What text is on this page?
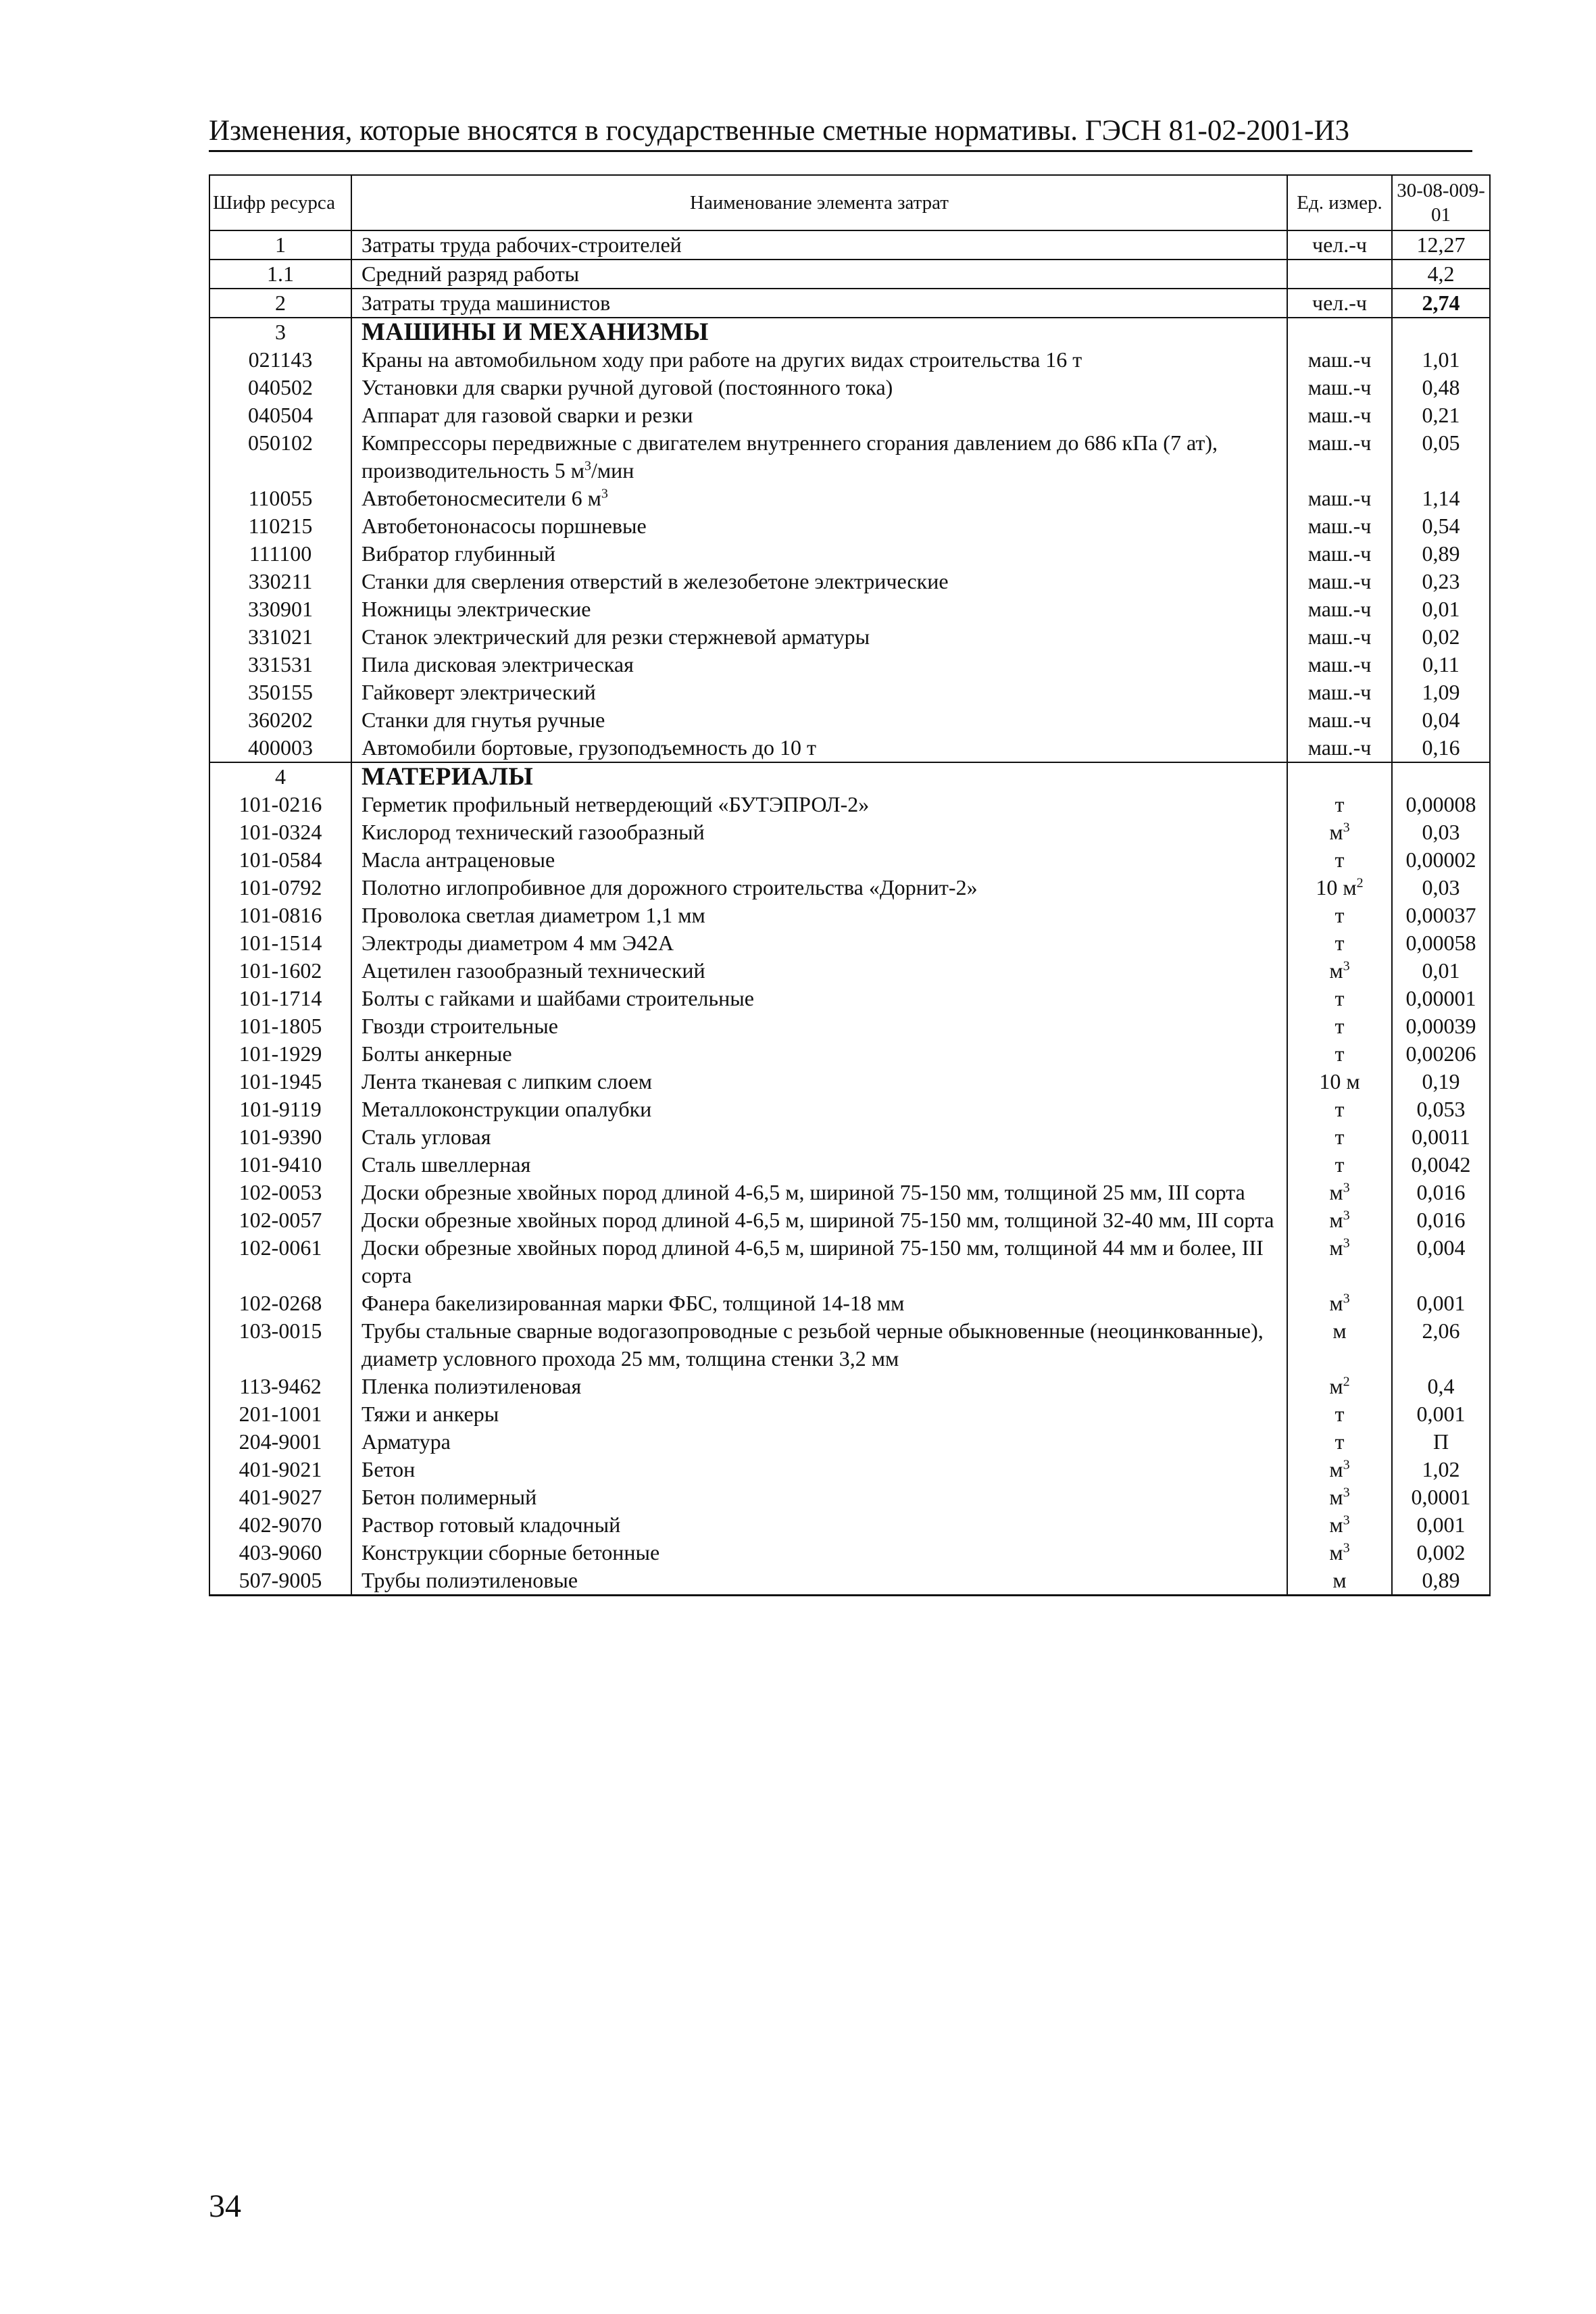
Изменения, которые вносятся в государственные сметные нормативы. ГЭСН 81-02-2001-И3
Шифр ресурса	Наименование элемента затрат	Ед. измер.	30-08-009-01
1	Затраты труда рабочих-строителей	чел.-ч	12,27
1.1	Средний разряд работы		4,2
2	Затраты труда машинистов	чел.-ч	2,74
3	МАШИНЫ И МЕХАНИЗМЫ		
021143	Краны на автомобильном ходу при работе на других видах строительства 16 т	маш.-ч	1,01
040502	Установки для сварки ручной дуговой (постоянного тока)	маш.-ч	0,48
040504	Аппарат для газовой сварки и резки	маш.-ч	0,21
050102	Компрессоры передвижные с двигателем внутреннего сгорания давлением до 686 кПа (7 ат), производительность 5 $м^3$/мин	маш.-ч	0,05
110055	Автобетоносмесители 6 $м^3$	маш.-ч	1,14
110215	Автобетононасосы поршневые	маш.-ч	0,54
111100	Вибратор глубинный	маш.-ч	0,89
330211	Станки для сверления отверстий в железобетоне электрические	маш.-ч	0,23
330901	Ножницы электрические	маш.-ч	0,01
331021	Станок электрический для резки стержневой арматуры	маш.-ч	0,02
331531	Пила дисковая электрическая	маш.-ч	0,11
350155	Гайковерт электрический	маш.-ч	1,09
360202	Станки для гнутья ручные	маш.-ч	0,04
400003	Автомобили бортовые, грузоподъемность до 10 т	маш.-ч	0,16
4	МАТЕРИАЛЫ		
101-0216	Герметик профильный нетвердеющий «БУТЭПРОЛ-2»	т	0,00008
101-0324	Кислород технический газообразный	$м^3$	0,03
101-0584	Масла антраценовые	т	0,00002
101-0792	Полотно иглопробивное для дорожного строительства «Дорнит-2»	10 $м^2$	0,03
101-0816	Проволока светлая диаметром 1,1 мм	т	0,00037
101-1514	Электроды диаметром 4 мм Э42А	т	0,00058
101-1602	Ацетилен газообразный технический	$м^3$	0,01
101-1714	Болты с гайками и шайбами строительные	т	0,00001
101-1805	Гвозди строительные	т	0,00039
101-1929	Болты анкерные	т	0,00206
101-1945	Лента тканевая с липким слоем	10 м	0,19
101-9119	Металлоконструкции опалубки	т	0,053
101-9390	Сталь угловая	т	0,0011
101-9410	Сталь швеллерная	т	0,0042
102-0053	Доски обрезные хвойных пород длиной 4-6,5 м, шириной 75-150 мм, толщиной 25 мм, III сорта	$м^3$	0,016
102-0057	Доски обрезные хвойных пород длиной 4-6,5 м, шириной 75-150 мм, толщиной 32-40 мм, III сорта	$м^3$	0,016
102-0061	Доски обрезные хвойных пород длиной 4-6,5 м, шириной 75-150 мм, толщиной 44 мм и более, III сорта	$м^3$	0,004
102-0268	Фанера бакелизированная марки ФБС, толщиной 14-18 мм	$м^3$	0,001
103-0015	Трубы стальные сварные водогазопроводные с резьбой черные обыкновенные (неоцинкованные), диаметр условного прохода 25 мм, толщина стенки 3,2 мм	м	2,06
113-9462	Пленка полиэтиленовая	$м^2$	0,4
201-1001	Тяжи и анкеры	т	0,001
204-9001	Арматура	т	П
401-9021	Бетон	$м^3$	1,02
401-9027	Бетон полимерный	$м^3$	0,0001
402-9070	Раствор готовый кладочный	$м^3$	0,001
403-9060	Конструкции сборные бетонные	$м^3$	0,002
507-9005	Трубы полиэтиленовые	м	0,89
34
